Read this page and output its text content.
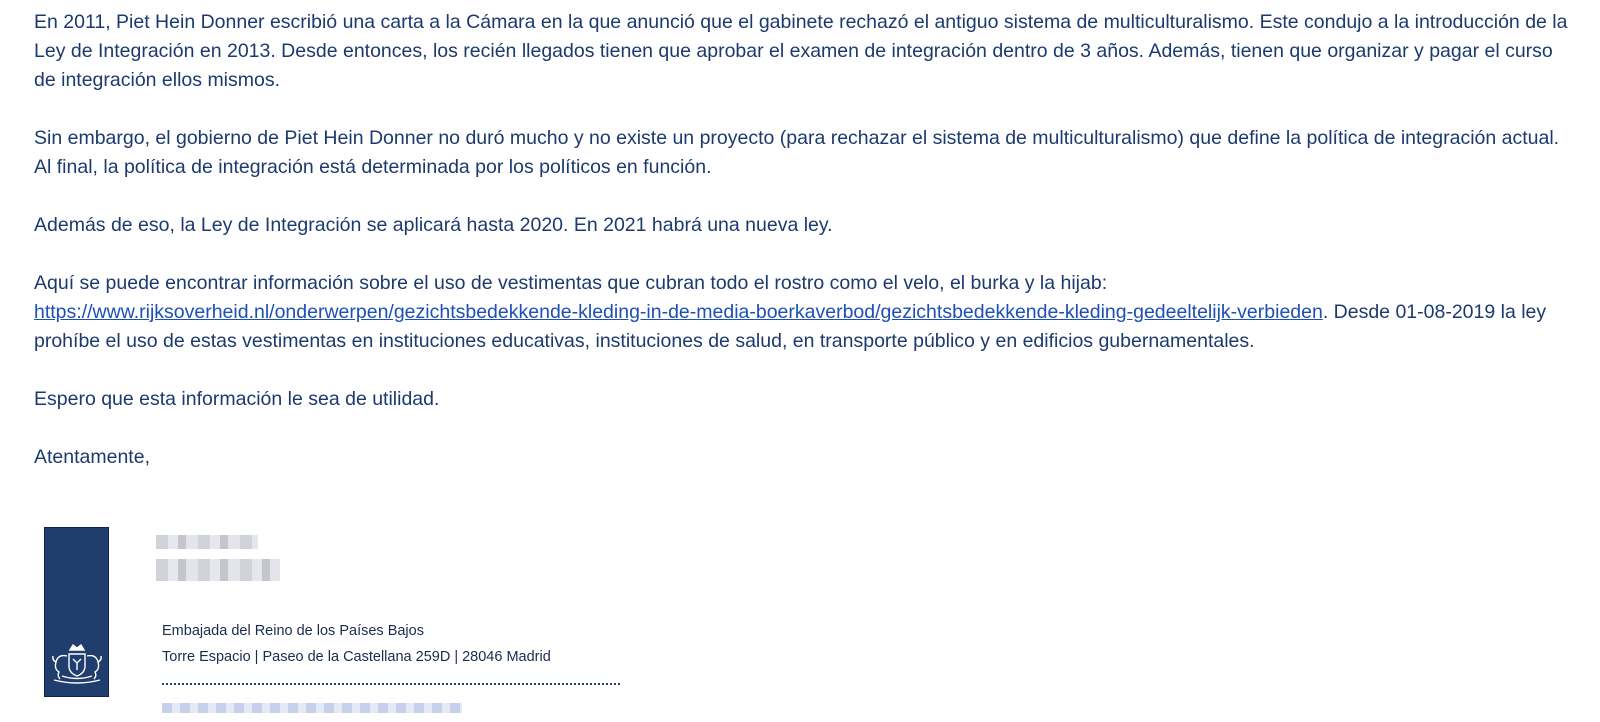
En 2011, Piet Hein Donner escribió una carta a la Cámara en la que anunció que el gabinete rechazó el antiguo sistema de multiculturalismo. Este condujo a la introducción de la Ley de Integración en 2013. Desde entonces, los recién llegados tienen que aprobar el examen de integración dentro de 3 años. Además, tienen que organizar y pagar el curso de integración ellos mismos.

Sin embargo, el gobierno de Piet Hein Donner no duró mucho y no existe un proyecto (para rechazar el sistema de multiculturalismo) que define la política de integración actual. Al final, la política de integración está determinada por los políticos en función.

Además de eso, la Ley de Integración se aplicará hasta 2020. En 2021 habrá una nueva ley.

Aquí se puede encontrar información sobre el uso de vestimentas que cubran todo el rostro como el velo, el burka y la hijab: https://www.rijksoverheid.nl/onderwerpen/gezichtsbedekkende-kleding-in-de-media-boerkaverbod/gezichtsbedekkende-kleding-gedeeltelijk-verbieden. Desde 01-08-2019 la ley prohíbe el uso de estas vestimentas en instituciones educativas, instituciones de salud, en transporte público y en edificios gubernamentales.

Espero que esta información le sea de utilidad.

Atentamente,

Embajada del Reino de los Países Bajos
Torre Espacio | Paseo de la Castellana 259D | 28046 Madrid
